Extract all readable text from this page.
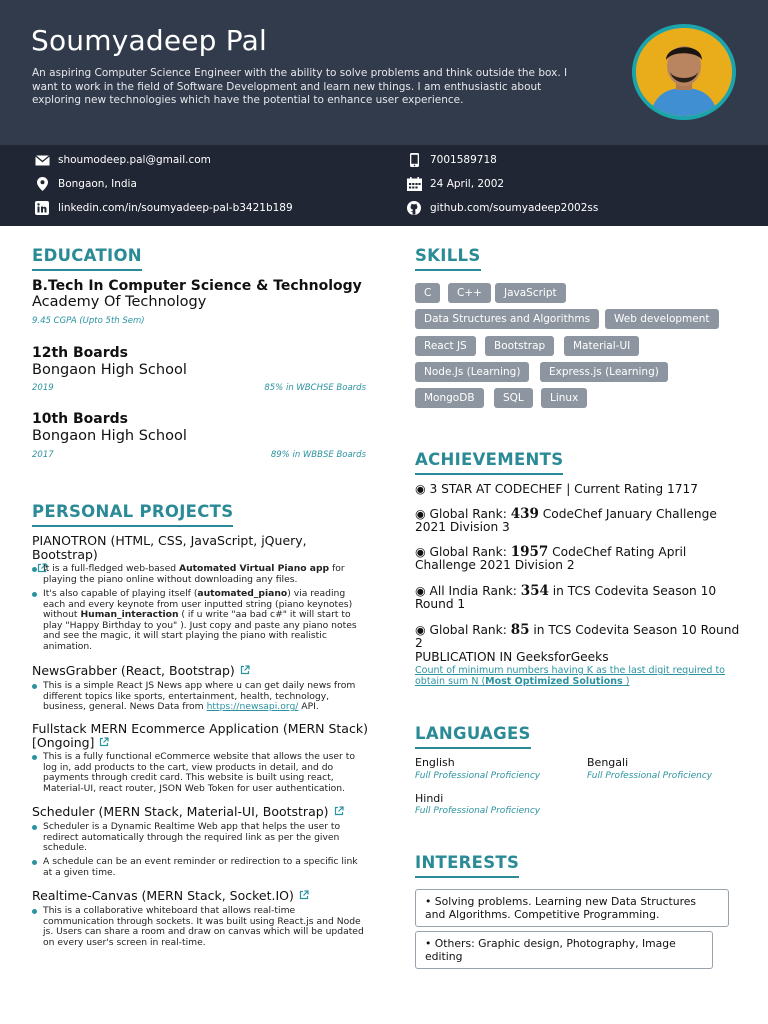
Soumyadeep Pal
An aspiring Computer Science Engineer with the ability to solve problems and think outside the box. I want to work in the field of Software Development and learn new things. I am enthusiastic about exploring new technologies which have the potential to enhance user experience.
shoumodeep.pal@gmail.com
Bongaon, India
linkedin.com/in/soumyadeep-pal-b3421b189
7001589718
24 April, 2002
github.com/soumyadeep2002ss
EDUCATION
B.Tech In Computer Science & Technology
Academy Of Technology
9.45 CGPA (Upto 5th Sem)
12th Boards
Bongaon High School
2019	85% in WBCHSE Boards
10th Boards
Bongaon High School
2017	89% in WBBSE Boards
PERSONAL PROJECTS
PIANOTRON (HTML, CSS, JavaScript, jQuery, Bootstrap)

It is a full-fledged web-based Automated Virtual Piano app for playing the piano online without downloading any files.
It's also capable of playing itself (automated_piano) via reading each and every keynote from user inputted string (piano keynotes) without Human_interaction ( if u write "aa bad c#" it will start to play "Happy Birthday to you" ). Just copy and paste any piano notes and see the magic, it will start playing the piano with realistic animation.
NewsGrabber (React, Bootstrap)
This is a simple React JS News app where u can get daily news from different topics like sports, entertainment, health, technology, business, general. News Data from https://newsapi.org/ API.
Fullstack MERN Ecommerce Application (MERN Stack) [Ongoing]
This is a fully functional eCommerce website that allows the user to log in, add products to the cart, view products in detail, and do payments through credit card. This website is built using react, Material-UI, react router, JSON Web Token for user authentication.
Scheduler (MERN Stack, Material-UI, Bootstrap)
Scheduler is a Dynamic Realtime Web app that helps the user to redirect automatically through the required link as per the given schedule.
A schedule can be an event reminder or redirection to a specific link at a given time.
Realtime-Canvas (MERN Stack, Socket.IO)
This is a collaborative whiteboard that allows real-time communication through sockets. It was built using React.js and Node js. Users can share a room and draw on canvas which will be updated on every user's screen in real-time.
SKILLS
C	C++	JavaScript
Data Structures and Algorithms	Web development
React JS	Bootstrap	Material-UI
Node.Js (Learning)	Express.js (Learning)
MongoDB	SQL	Linux
ACHIEVEMENTS
◉ 3 STAR AT CODECHEF | Current Rating 1717
◉ Global Rank: 439 CodeChef January Challenge 2021 Division 3
◉ Global Rank: 1957 CodeChef Rating April Challenge 2021 Division 2
◉ All India Rank: 354 in TCS Codevita Season 10 Round 1
◉ Global Rank: 85 in TCS Codevita Season 10 Round 2
PUBLICATION IN GeeksforGeeks
Count of minimum numbers having K as the last digit required to obtain sum N (Most Optimized Solutions )
LANGUAGES
English
Full Professional Proficiency
Bengali
Full Professional Proficiency
Hindi
Full Professional Proficiency
INTERESTS
• Solving problems. Learning new Data Structures and Algorithms. Competitive Programming.
• Others: Graphic design, Photography, Image editing
